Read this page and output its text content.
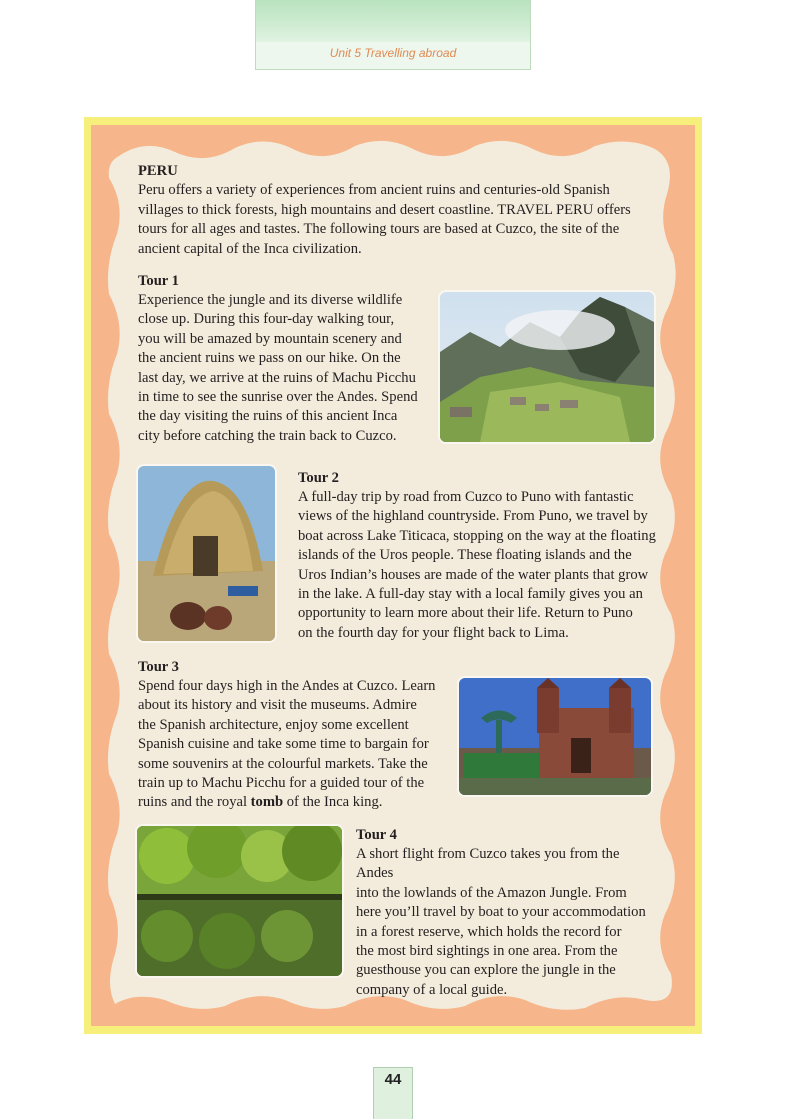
Unit 5 Travelling abroad

PERU

Peru offers a variety of experiences from ancient ruins and centuries-old Spanish

villages to thick forests, high mountains and desert coastline. TRAVEL PERU offers

tours for all ages and tastes. The following tours are based at Cuzco, the site of the

ancient capital of the Inca civilization.

Tour 1

Experience the jungle and its diverse wildlife
close up. During this four-day walking tour,
you will be amazed by mountain scenery and
the ancient ruins we pass on our hike. On the
last day, we arrive at the ruins of Machu Picchu
in time to see the sunrise over the Andes. Spend
the day visiting the ruins of this ancient Inca
city before catching the train back to Cuzco.

Tour 2

A full-day trip by road from Cuzco to Puno with fantastic
views of the highland countryside. From Puno, we travel by
boat across Lake Titicaca, stopping on the way at the floating
islands of the Uros people. These floating islands and the
Uros Indian’s houses are made of the water plants that grow
in the lake. A full-day stay with a local family gives you an
opportunity to learn more about their life. Return to Puno
on the fourth day for your flight back to Lima.

Tour 3

Spend four days high in the Andes at Cuzco. Learn
about its history and visit the museums. Admire
the Spanish architecture, enjoy some excellent
Spanish cuisine and take some time to bargain for
some souvenirs at the colourful markets. Take the
train up to Machu Picchu for a guided tour of the
ruins and the royal tomb of the Inca king.

Tour 4

A short flight from Cuzco takes you from the Andes
into the lowlands of the Amazon Jungle. From
here you’ll travel by boat to your accommodation
in a forest reserve, which holds the record for
the most bird sightings in one area. From the
guesthouse you can explore the jungle in the
company of a local guide.
44
